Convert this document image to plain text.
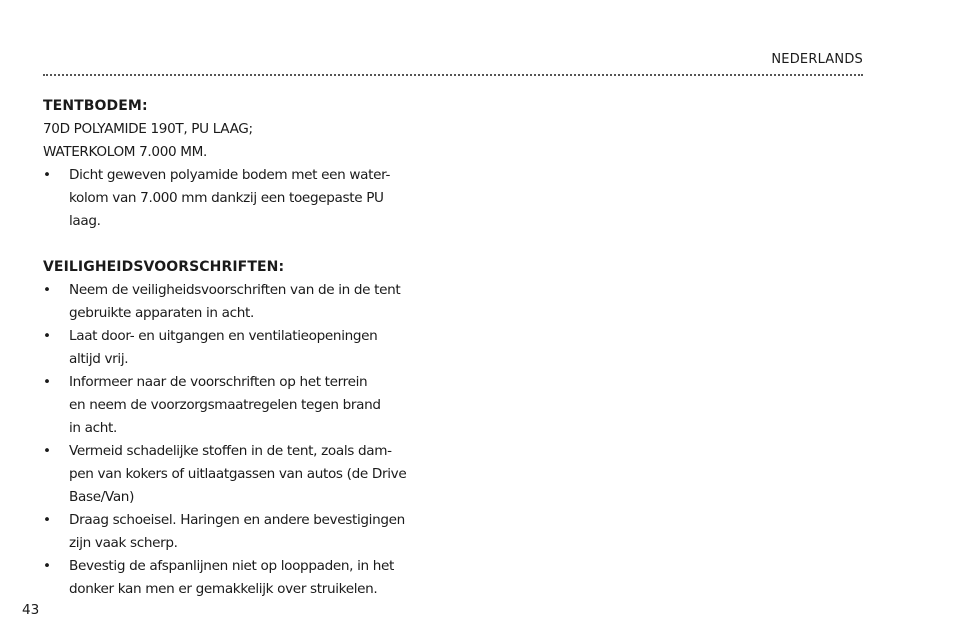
NEDERLANDS

TENTBODEM:

70D POLYAMIDE 190T, PU LAAG;

WATERKOLOM 7.000 MM.

• Dicht geweven polyamide bodem met een water-
kolom van 7.000 mm dankzij een toegepaste PU
laag.

VEILIGHEIDSVOORSCHRIFTEN:

• Neem de veiligheidsvoorschriften van de in de tent
gebruikte apparaten in acht.
• Laat door- en uitgangen en ventilatieopeningen
altijd vrij.
• Informeer naar de voorschriften op het terrein
en neem de voorzorgsmaatregelen tegen brand
in acht.
• Vermeid schadelijke stoffen in de tent, zoals dam-
pen van kokers of uitlaatgassen van autos (de Drive
Base/Van)
• Draag schoeisel. Haringen en andere bevestigingen
zijn vaak scherp.
• Bevestig de afspanlijnen niet op looppaden, in het
donker kan men er gemakkelijk over struikelen.
43
